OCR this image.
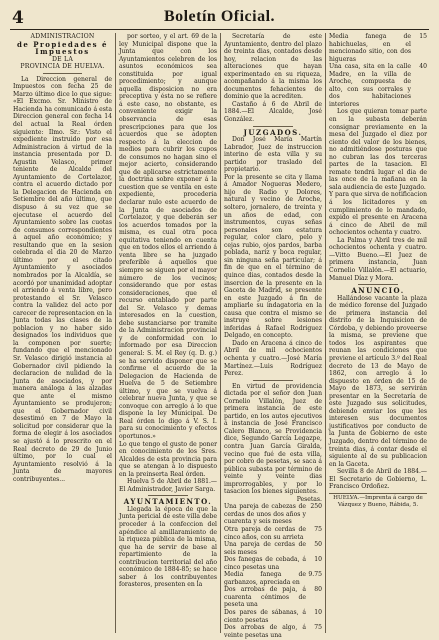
4	Boletín Oficial.
ADMINISTRACION
de Propiedades é Impuestos
DE LA
PROVINCIA DE HUELVA.

La Direccion general de Impuestos con fecha 25 de Marzo último dice lo que sigue: «El Excmo. Sr. Ministro de Hacienda ha comunicado á esta Direccion general con fecha 14 del actual la Real órden siguiente: Ilmo. Sr.: Visto el expediente instruido por esa Administracion á virtud de la instancia presentada por D. Agustin Velasco, primer teniente de Alcalde del Ayuntamiento de Cortelazor, contra el acuerdo dictado por la Delegacion de Hacienda en Setiembre del año último, que dispuso á su vez que se ejecutase el acuerdo del Ayuntamiento sobre las cuotas de consumos correspondientes á aquel año económico; y resultando que en la sesion celebrada el dia 20 de Marzo último por el citado Ayuntamiento y asociados nombrados por la Alcaldía, se acordó por unanimidad adoptar el arriendo á venta libre, pero protestando el Sr. Velasco contra la validez del acto por carecer de representacion en la Junta todas las clases de la poblacion y no haber sido designados los individuos que la componen por suerte; fundando que el mencionado Sr. Velasco dirigió instancia al Gobernador civil pidiendo la declaracion de nulidad de la Junta de asociados, y por manera análoga á las alzadas que ante el mismo Ayuntamiento se produjeron; que el Gobernador civil desestimó en 7 de Mayo la solicitud por considerar que la forma de elegir á los asociados se ajustó á lo prescrito en el Real decreto de 29 de Junio último, por lo cual el Ayuntamiento resolvió á la Junta de mayores contribuyentes...

por sorteo, y el art. 69 de la ley Municipal dispone que la Junta que con los Ayuntamientos celebren de los asuntos económicos sea constituida por igual procedimiento; y aunque aquella disposicion no era preceptiva y ésta no se refiere á este caso, no obstante, es conveniente exigir la observancia de esas prescripciones para que los acuerdos que se adopten respecto á la eleccion de medios para cubrir los cupos de consumos no hagan sino el mejor acierto, considerando que de aplicarse estrictamente la doctrina sobre exponer á la cuestion que se ventila en este expediente, procederia declarar nulo este acuerdo de la Junta de asociados de Cortelazor, y que deberán ser los acuerdos tomados por la misma, es cual otra poca equitativa teniendo en cuenta que en todos ellos el arriendo á venta libre se ha juzgado preferible á aquellos que siempre se siguen por el mayor número de los vecinos; considerando que por estas consideraciones, que el recurso entablado por parte del Sr. Velasco y demas interesados en la cuestion, debe sustanciarse por tramite de la Administracion provincial y de conformidad con lo informado por esa Direccion general: S. M. el Rey (q. D. g.) se ha servido disponer que se confirme el acuerdo de la Delegacion de Hacienda de Huelva de 5 de Setiembre último, y que se vuelva á celebrar nueva Junta, y que se convoque con arreglo á lo que dispone la ley Municipal. De Real órden lo digo á V. S. I. para su conocimiento y efectos oportunos.»
Lo que tengo el gusto de poner en conocimiento de los Sres. Alcaldes de esta provincia para que se atengan á lo dispuesto en la preinserta Real órden.

Huelva 5 de Abril de 1881.—El Administrador, Javier Sarga.

AYUNTAMIENTO.

Llegada la época de que la Junta pericial de este villa debe proceder á la confeccion del apéndice al amillaramiento de la riqueza pública de la misma, que ha de servir de base al repartimiento de la contribucion territorial del año económico de 1884-85; se hace saber á los contribuyentes forasteros, presenten en la

Secretaría de este Ayuntamiento, dentro del plazo de treinta dias, contados desde hoy, relacion de las alteraciones que hayan experimentado en su riqueza, acompañando á la misma los documentos fehacientes de dominio que la acrediten.

Castaño á 6 de Abril de 1884.—El Alcalde, José González.

JUZGADOS.

Don José María Martín Labrador, Juez de instruccion interino de esta villa y su partido por traslado del propietario.
Por la presente se cita y llama á Amador Nogueras Medero, hijo de Radio y Dolores, natural y vecino de Aroche, soltero, jornalero, de treinta y un años de edad, con instrumentos, cuyas señas personales son estatura regular, color claro, pelo y cejas rubio, ojos pardos, barba poblada, nariz y boca regular, sin ninguna seña particular; á fin de que en el término de quince dias, contados desde la insercion de la presente en la Gaceta de Madrid, se presente en este Juzgado á fin de ampliarle su indagatoria en la causa que contra el mismo se instruye sobre lesiones inferidas á Rafael Rodriguez Delgado, en concepto.

Dado en Aracena á cinco de Abril de mil ochocientos ochenta y cuatro.—José María Martínez.—Luis Rodríguez Perez.

En virtud de providencia dictada por el señor don Juan Cornelio Villalón, Juez de primera instancia de este partido, en los autos ejecutivos á instancia de José Francisco Calero Blanco, se Providencia dice, Segundo García Legazpe, contra Juan García Giralda, vecino que fué de esta villa, por cobro de pesetas, se saca á pública subasta por término de veinte y veinte dias improrrogables, y por lo tasacion los bienes siguientes.

Pesetas.
Una pareja de cabezas de cerdas de unos dos años y cuarenta y seis meses
250
Otra pareja de cerdas de cinco años, con su arrieta
75
Una pareja de cerdas de seis meses
50
Dos fanegas de cebada, á cinco pesetas una
10
Media fanega de garbanzos, apreciada en
9.75
Dos arrobas de paja, á cuarenta céntimos de peseta una
80
Dos pares de sábanas, á ciento pesetas
10
Dos arrobas de algo, á veinte pesetas una
75
Media fanega de habichuelas, en el mencionado sitio, con dos higueras
15
Una casa, sita en la calle Madre, en la villa de Aroche, compuesta de alto, con sus corrales y dos habitaciones interiores
40

Los que quieran tomar parte en la subasta deberán consignar previamente en la mesa del Juzgado el diez por ciento del valor de los bienes, no admitiéndose posturas que no cubran las dos terceras partes de la tasacion. El remate tendrá lugar el dia de las once de la mañana en la sala audiencia de este Juzgado.
Y para que sirva de notificacion á los licitadores y en cumplimiento de lo mandado, expido el presente en Aracena á cinco de Abril de mil ochocientos ochenta y cuatro.

La Palma y Abril tres de mil ochocientos ochenta y cuatro.—Vitto Bueno.—El Juez de primera instancia, Juan Cornelio Villalón.—El actuario, Manuel Díaz y Mora.

ANUNCIO.

Hallándose vacante la plaza de médico forense del Juzgado de primera instancia del distrito de la Inquisicion de Córdoba, y debiendo proveerse la misma, se previene que todos los aspirantes que reunan las condiciones que previene el artículo 3.º del Real decreto de 13 de Mayo de 1862, con arreglo á lo dispuesto en órden de 15 de Mayo de 1873, se servirán presentar en la Secretaría de este Juzgado sus solicitudes, debiendo enviar los que les interesen sus documentos justificativos por conducto de la Junta de Gobierno de este Juzgado, dentro del término de treinta dias, á contar desde el siguiente al de su publicacion en la Gaceta.

Sevilla 8 de Abril de 1884.—El Secretario de Gobierno, L. Francisco Ordoñez.

HUELVA.—Imprenta á cargo de Vázquez y Bueno, Rábida, 5.
